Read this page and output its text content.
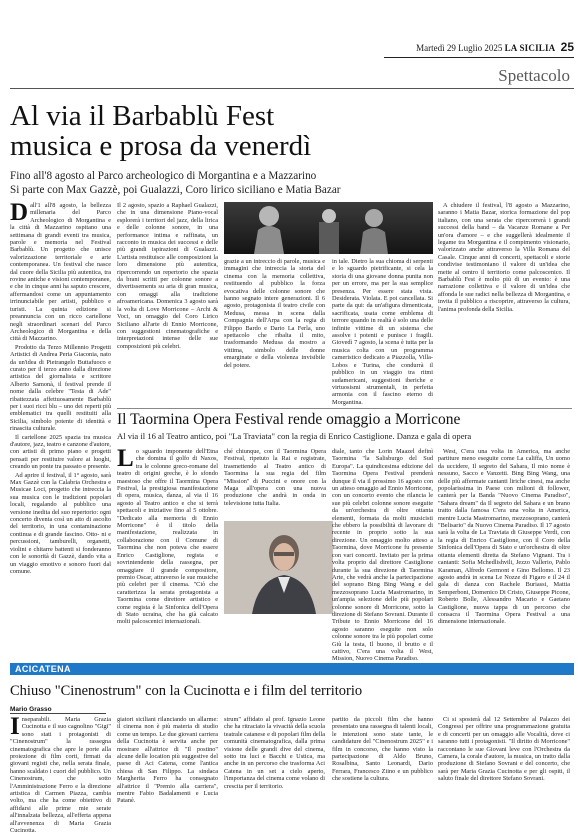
Martedì 29 Luglio 2025 LA SICILIA 25
Spettacolo
Al via il Barbablù Fest
musica e prosa da venerdì

Fino all'8 agosto al Parco archeologico di Morgantina e a Mazzarino

Si parte con Max Gazzè, poi Gualazzi, Coro lirico siciliano e Matia Bazar

D all'1 all'8 agosto, la bellezza millenaria del Parco Archeologico di Morgantina e la città di Mazzarino ospitano una settimana di grandi eventi tra musica, parole e memoria nel Festival Barbablù. Un progetto che unisce valorizzazione territoriale e arte contemporanea. Un festival che nasce dal cuore della Sicilia più autentica, tra rovine antiche e visioni contemporanee, e che in cinque anni ha saputo crescere, affermandosi come un appuntamento irrinunciabile per artisti, pubblico e turisti. La quinta edizione si preannuncia con un ricco cartellone negli straordinari scenari del Parco Archeologico di Morgantina e della città di Mazzarino.

Prodotto da Terzo Millennio Progetti Artistici di Andrea Peria Giaconia, nato da un'idea di Pietrangelo Buttafuoco e curato per il terzo anno dalla direzione artistica del giornalista e scrittore Alberto Samonà, il festival prende il nome dalla celebre "Testa di Ade" ribattezzata affettuosamente Barbablù per i suoi ricci blu – uno dei reperti più emblematici tra quelli restituiti alla Sicilia, simbolo potente di identità e rinascita culturale.

Il cartellone 2025 spazia tra musica d'autore, jazz, teatro e canzone d'autore, con artisti di primo piano e progetti pensati per restituire valore ai luoghi, creando un ponte tra passato e presente.

Ad aprire il festival, il 1° agosto, sarà Max Gazzè con la Calabria Orchestra e Musicae Loci, progetto che intreccia la sua musica con le tradizioni popolari locali, regalando al pubblico una versione inedita del suo repertorio: ogni concerto diventa così un atto di ascolto del territorio, in una contaminazione continua e di grande fascino. Otto- ni e percussioni, tamburelli, organetti, violini e chitarre battenti si fonderanno con le sonorità di Gazzè, dando vita a un viaggio emotivo e sonoro fuori dal comune.

Il 2 agosto, spazio a Raphael Gualazzi, che in una dimensione Piano-vocal esplorerà i territori del jazz, della lirica e delle colonne sonore, in una performance intima e raffinata, un racconto in musica dei successi e delle più grandi ispirazioni di Gualazzi. L'artista restituisce alle composizioni la loro dimensione più autentica, ripercorrendo un repertorio che spazia da brani scritti per colonne sonore a divertissements su aria di gran musica, con omaggi alla tradizione afroamericana. Domenica 3 agosto sarà la volta di Love Morricone – Archi & Voci, un omaggio del Coro Lirico Siciliano all'arte di Ennio Morricone, con suggestioni cinematografiche e interpretazioni intense delle sue composizioni più celebri.

grazie a un intreccio di parole, musica e immagini che intreccia la storia del cinema con la memoria collettiva, restituendo al pubblico la forza evocativa delle colonne sonore che hanno segnato intere generazioni. Il 6 agosto, protagonista il teatro civile con Medusa, messa in scena dalla Compagnia dell'Arpa con la regia di Filippo Bardo e Dario La Ferla, uno spettacolo che ribalta il mito, trasformando Medusa da mostro a vittima, simbolo delle donne emarginate e della violenza invisibile del potere.

in tale. Dietro la sua chioma di serpenti e lo sguardo pietrificante, si cela la storia di una giovane donna punita non per un errore, ma per la sua semplice presenza. Per essere stata vista. Desiderata. Violata. E poi cancellata. Si parte da qui: da un'afigura dimenticata, sacrificata, usata come emblema di terrore quando in realtà è solo una delle infinite vittime di un sistema che assolve i potenti e punisce i fragili. Giovedì 7 agosto, la scena è tutta per la musica colta con un programma cameristico dedicato a Piazzolla, Villa-Lobos e Turina, che condurrà il pubblico in un viaggio tra ritmi sudamericani, suggestioni iberiche e virtuosismi strumentali, in perfetta armonia con il fascino eterno di Morgantina.

A chiudere il festival, l'8 agosto a Mazzarino, saranno i Matia Bazar, storica formazione del pop italiano, con una serata che ripercorrerà i grandi successi della band – da Vacanze Romane a Per un'ora d'amore – e che suggellerà idealmente il legame tra Morgantina e il compimento visionario, valorizzato anche attraverso la Villa Romana del Casale. Cinque anni di concerti, spettacoli e storie condivise testimoniano il valore di un'idea che mette al centro il territorio come palcoscenico. Il Barbablù Fest è molto più di un evento: è una narrazione collettiva e il valore di un'idea che affonda le sue radici nella bellezza di Morgantina, e invita il pubblico a riscoprire, attraverso la cultura, l'anima profonda della Sicilia.

Il Taormina Opera Festival rende omaggio a Morricone
Al via il 16 al Teatro antico, poi "La Traviata" con la regia di Enrico Castiglione. Danza e gala di opera
L o sguardo imponente dell'Etna che domina il golfo di Naxos, tra le colonne greco-romane del teatro di origini greche, è lo sfondo maestoso che offre il Taormina Opera Festival, la prestigiosa manifestazione di opera, musica, danza, al via il 16 agosto al Teatro antico e che si terrà spettacoli e iniziative fino al 5 ottobre. "Dedicato alla memoria di Ennio Morricone" è il titolo della manifestazione, realizzata in collaborazione con il Comune di Taormina che non poteva che essere Enrico Castiglione, regista e sovrintendente della rassegna, per omaggiare il grande compositore, premio Oscar, attraverso le sue musiche più celebri per il cinema. "Ciò che caratterizza la serata protagonista a Taormina come direttore artistico e come regista è la Sinfonica dell'Opera di Stato ucraina, che ha già calcato molti palcoscenici internazionali.

ché chiunque, con il Taormina Opera Festival, ripetuto la Rai e registrate, trasmettendo al Teatro antico di Taormina la sua regia del film "Mission" di Puccini e onore con la Maga all'opera con una nuova produzione che andrà in onda in televisione tutta Italia.

diale, tanto che Lorin Maazel definì Taormina "la Salisburgo del Sud Europa". La quindicesima edizione del Taormina Opera Festival prenderà dunque il via il prossimo 16 agosto con un atteso omaggio ad Ennio Morricone, con un concerto evento che rilancia le sue più celebri colonne sonore eseguite da un'orchestra di oltre ottanta elementi, formata da molti musicisti che ebbero la possibilità di lavorare di recente in proprio sotto la sua direzione. Un omaggio molto atteso a Taormina, dove Morricone fu presente con vari concerti. Invitato per la prima volta proprio dal direttore Castiglione durante la sua direzione di Taormina Arte, che vedrà anche la partecipazione del soprano Bing Bing Wang e del mezzosoprano Lucia Mastromarino, in un'ampia selezione delle più popolari colonne sonore di Morricone, sotto la direzione di Stefano Sovrani. Durante il Tribute to Ennio Morricone del 16 agosto saranno eseguite non solo colonne sonore tra le più popolari come Giù la testa, Il buono, il brutto e il cattivo, C'era una volta il West, Mission, Nuovo Cinema Paradiso.

West, C'era una volta in America, ma anche partiture meno eseguite come La califfa, Un uomo da uccidere, Il segreto del Sahara, Il mio nome è nessuno, Sacco e Vanzetti. Bing Bing Wang, una delle più affermate cantanti liriche cinesi, ma anche popolarissima in Paese con milioni di follower, canterà per la Banda "Nuovo Cinema Paradiso", "Sahara dream" da Il segreto del Sahara e un brano tratto dalla famosa C'era una volta in America, mentre Lucia Mastromarino, mezzosoprano, canterà "Belisario" da Nuovo Cinema Paradiso. Il 17 agosto sarà la volta de La Traviata di Giuseppe Verdi, con la regia di Enrico Castiglione, con il Coro della Sinfonica dell'Opera di Stato e un'orchestra di oltre ottanta elementi diretta da Stefano Vignani. Tra i cantanti: Sofia Mchedlishvili, Jezzo Vallerio, Pablo Karaman, Alfredo Germont e Gino Bellomo. Il 23 agosto andrà in scena Le Nozze di Figaro e il 24 il gala di danza con Rachele Buriassi, Mattia Semperboni, Domenico Di Cristo, Giuseppe Picone, Roberto Bolle, Alessandro Macario e Gaetano Castiglione, nuova tappa di un percorso che consacra il Taormina Opera Festival a una dimensione internazionale.

ACICATENA
Chiuso "Cinenostrum" con la Cucinotta e i film del territorio
Mario Grasso
I nseparabili. Maria Grazia Cucinotta e il suo cagnolino "Gigi" sono stati i protagonisti di "Cinenostrum" la rassegna cinematografica che apre le porte alla proiezione di film corti, firmati da giovani registi che, nella serata finale, hanno scaldato i cuori del pubblico. Un Cinenostrum, che sotto l'Amministrazione Ferro e la direzione artistica di Carmen Piazza, cambia volto, ma che ha come obiettivo di affidarsi alle prime mie serate all'innalzata bellezza, all'efferta appena all'avvenenza di Maria Grazia Cucinotta.

giatori siciliani rilanciando un allarme: il cinema non è più materia di studio come un tempo. Le due giovani carriera della Cucinotta è servita anche per mostrare all'attrice di "Il postino" alcune delle location più suggestive del paese di Aci Catena, come l'antica chiesa di San Filippo. La sindaca Margherita Ferro ha consegnato all'attrice il "Premio alla carriera", mentre Fabio Badalamenti e Lucia Patanè.

strum" affidato al prof. Ignazio Leone che ha ritraciato la vivacità della scuola teatrale catanese e di popolari film della comunità cinematografica, dalla prima visione delle grandi dive del cinema, sotto tra luci e Bacchi e Ustica, ma anche in un percorso che trasforma Aci Catena in un set a cielo aperto, l'importanza del cinema come volano di crescita per il territorio.

partito da piccoli film che hanno presentato una rassegna di talenti locali, le intenzioni sono state tante, le candidature del "Cinenostrum 2025" e i film in concorso, che hanno visto la partecipazione di Aldo Bruno, Rosalbina, Santo Leonardi, Dario Ferrara, Francesco Ziino e un pubblico che sostiene la cultura.

Ci si sposterà dal 12 Settembre al Palazzo dei Congressi per offrire una programmazione gratuita e di concerti per un omaggio alle Vocalità, dove ci saranno tutti i protagonisti. "Il diritto di Morricone" raccontano le sue Giovani leve con l'Orchestra da Camera, la corale d'autore, la musica, un tratto dalla produzione di Stefano Sovrani e del concerto, che sarà per Maria Grazia Cucinotta e per gli ospiti, il saluto finale del direttore Stefano Sovrani.
